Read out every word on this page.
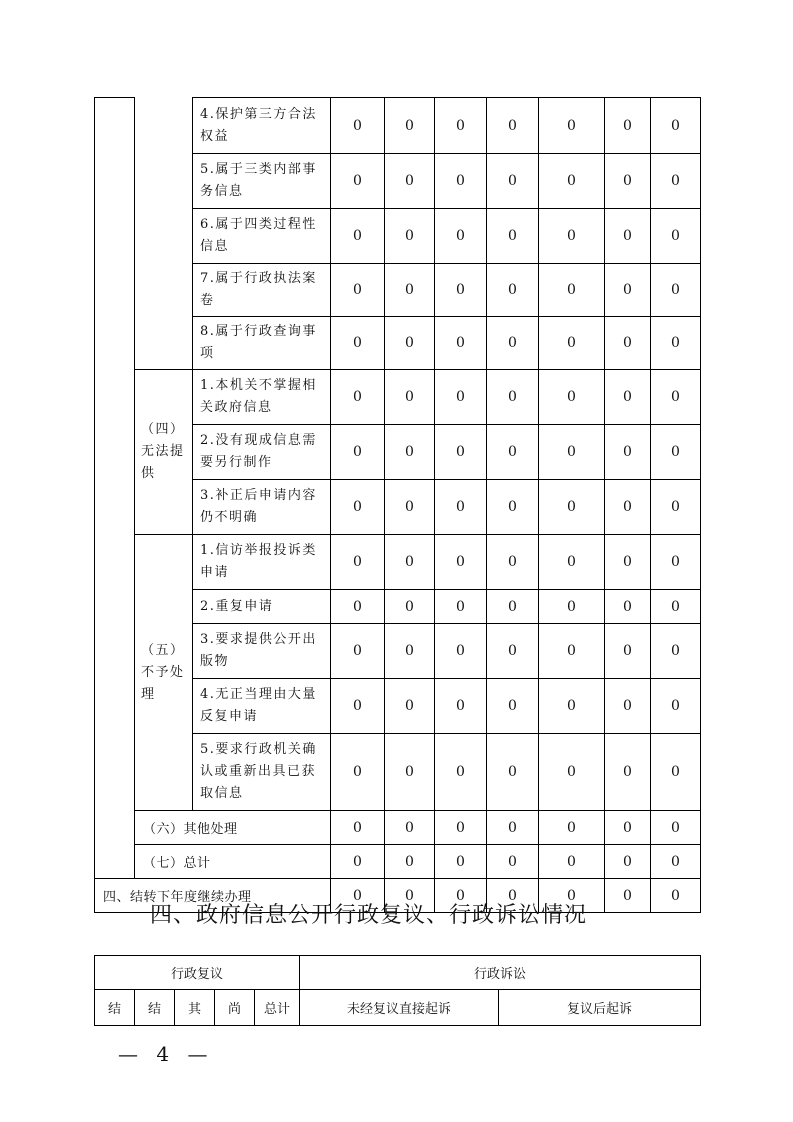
		4.保护第三方合法权益	0	0	0	0	0	0	0
		5.属于三类内部事务信息	0	0	0	0	0	0	0
		6.属于四类过程性信息	0	0	0	0	0	0	0
		7.属于行政执法案卷	0	0	0	0	0	0	0
		8.属于行政查询事项	0	0	0	0	0	0	0
	（四）
无法提供	1.本机关不掌握相关政府信息	0	0	0	0	0	0	0
		2.没有现成信息需要另行制作	0	0	0	0	0	0	0
		3.补正后申请内容仍不明确	0	0	0	0	0	0	0
	（五）
不予处理	1.信访举报投诉类申请	0	0	0	0	0	0	0
		2.重复申请	0	0	0	0	0	0	0
		3.要求提供公开出版物	0	0	0	0	0	0	0
		4.无正当理由大量反复申请	0	0	0	0	0	0	0
		5.要求行政机关确认或重新出具已获取信息	0	0	0	0	0	0	0
	（六）其他处理		0	0	0	0	0	0	0
	（七）总计		0	0	0	0	0	0	0
四、结转下年度继续办理			0	0	0	0	0	0	0
四、政府信息公开行政复议、行政诉讼情况
行政复议					行政诉讼	
结	结	其	尚	总计	未经复议直接起诉	复议后起诉
— 4 —
